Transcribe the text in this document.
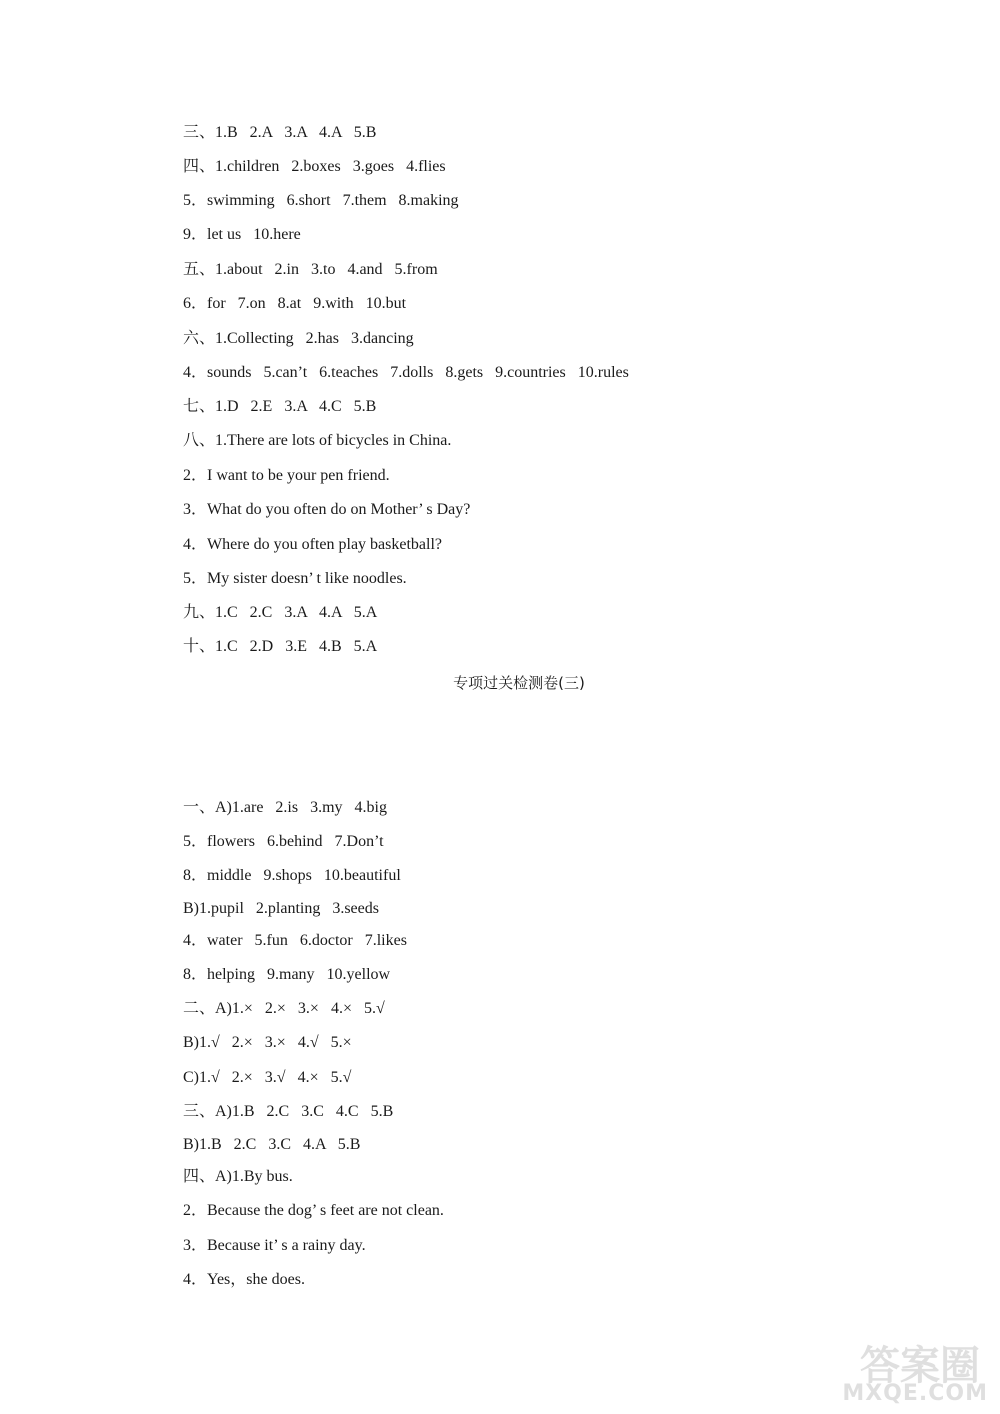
三、1.B   2.A   3.A   4.A   5.B
四、1.children   2.boxes   3.goes   4.flies
5．swimming   6.short   7.them   8.making
9．let us   10.here
五、1.about   2.in   3.to   4.and   5.from
6．for   7.on   8.at   9.with   10.but
六、1.Collecting   2.has   3.dancing
4．sounds   5.can’t   6.teaches   7.dolls   8.gets   9.countries   10.rules
七、1.D   2.E   3.A   4.C   5.B
八、1.There are lots of bicycles in China.
2．I want to be your pen friend.
3．What do you often do on Mother’ s Day?
4．Where do you often play basketball?
5．My sister doesn’ t like noodles.
九、1.C   2.C   3.A   4.A   5.A
十、1.C   2.D   3.E   4.B   5.A
专项过关检测卷(三)
一、A)1.are   2.is   3.my   4.big
5．flowers   6.behind   7.Don’t
8．middle   9.shops   10.beautiful
B)1.pupil   2.planting   3.seeds
4．water   5.fun   6.doctor   7.likes
8．helping   9.many   10.yellow
二、A)1.×   2.×   3.×   4.×   5.√
B)1.√   2.×   3.×   4.√   5.×
C)1.√   2.×   3.√   4.×   5.√
三、A)1.B   2.C   3.C   4.C   5.B
B)1.B   2.C   3.C   4.A   5.B
四、A)1.By bus.
2．Because the dog’ s feet are not clean.
3．Because it’ s a rainy day.
4．Yes，she does.
答案圈
MXQE.COM
